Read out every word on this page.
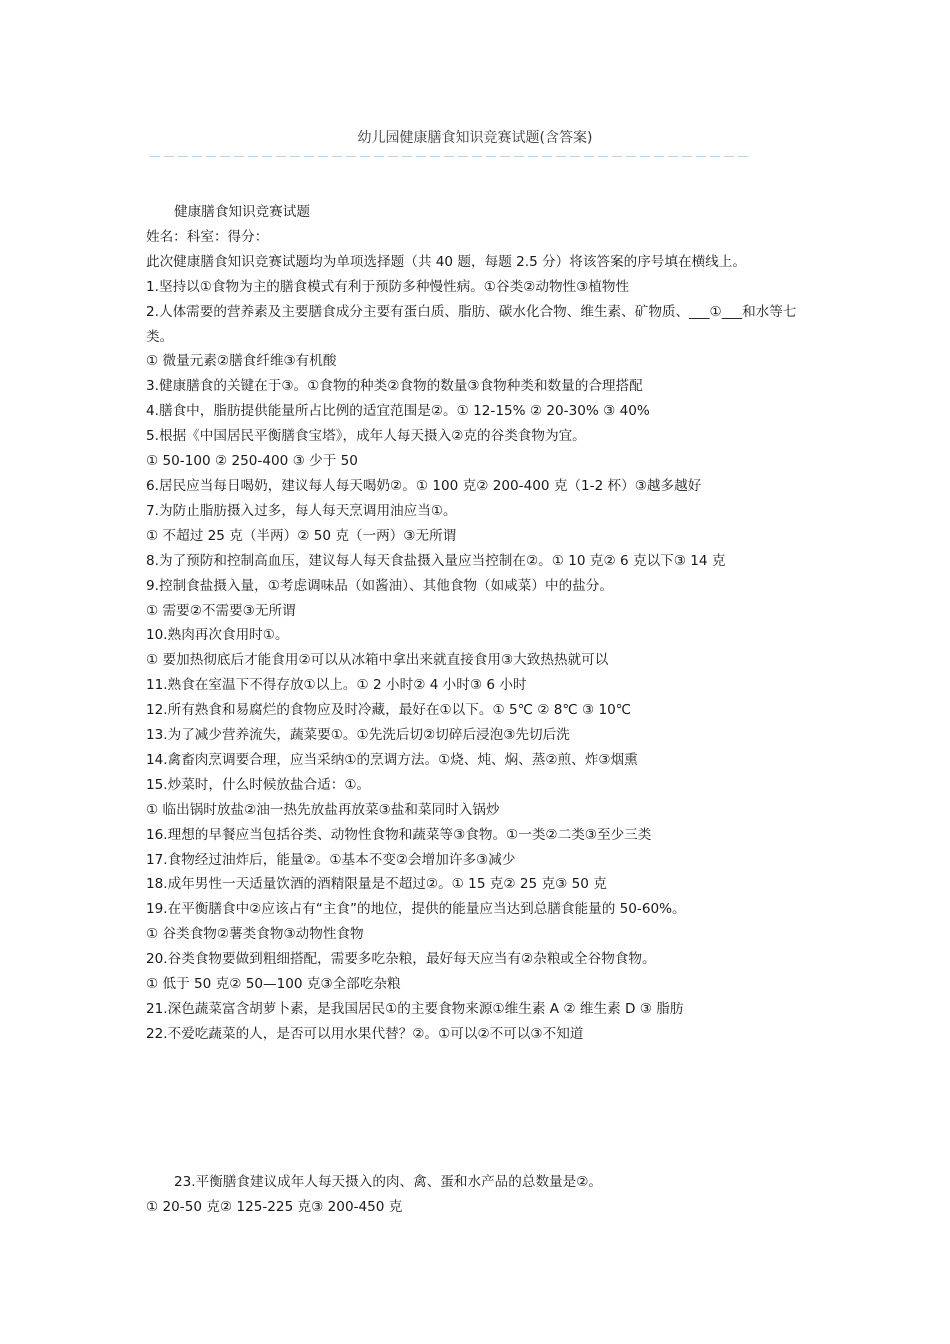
幼儿园健康膳食知识竞赛试题(含答案)
－－－－－－－－－－－－－－－－－－－－－－－－－－－－－－－－－－－－－－－－－－－

健康膳食知识竞赛试题

姓名：科室：得分：

此次健康膳食知识竞赛试题均为单项选择题（共 40 题，每题 2.5 分）将该答案的序号填在横线上。

1.坚持以①食物为主的膳食模式有利于预防多种慢性病。①谷类②动物性③植物性

2.人体需要的营养素及主要膳食成分主要有蛋白质、脂肪、碳水化合物、维生素、矿物质、___①___和水等七类。

① 微量元素②膳食纤维③有机酸

3.健康膳食的关键在于③。①食物的种类②食物的数量③食物种类和数量的合理搭配

4.膳食中，脂肪提供能量所占比例的适宜范围是②。① 12-15% ② 20-30% ③ 40%

5.根据《中国居民平衡膳食宝塔》，成年人每天摄入②克的谷类食物为宜。

① 50-100 ② 250-400 ③ 少于 50

6.居民应当每日喝奶，建议每人每天喝奶②。① 100 克② 200-400 克（1-2 杯）③越多越好

7.为防止脂肪摄入过多，每人每天烹调用油应当①。

① 不超过 25 克（半两）② 50 克（一两）③无所谓

8.为了预防和控制高血压，建议每人每天食盐摄入量应当控制在②。① 10 克② 6 克以下③ 14 克

9.控制食盐摄入量，①考虑调味品（如酱油）、其他食物（如咸菜）中的盐分。

① 需要②不需要③无所谓

10.熟肉再次食用时①。

① 要加热彻底后才能食用②可以从冰箱中拿出来就直接食用③大致热热就可以

11.熟食在室温下不得存放①以上。① 2 小时② 4 小时③ 6 小时

12.所有熟食和易腐烂的食物应及时冷藏，最好在①以下。① 5℃ ② 8℃ ③ 10℃

13.为了减少营养流失，蔬菜要①。①先洗后切②切碎后浸泡③先切后洗

14.禽畜肉烹调要合理，应当采纳①的烹调方法。①烧、炖、焖、蒸②煎、炸③烟熏

15.炒菜时，什么时候放盐合适：①。

① 临出锅时放盐②油一热先放盐再放菜③盐和菜同时入锅炒

16.理想的早餐应当包括谷类、动物性食物和蔬菜等③食物。①一类②二类③至少三类

17.食物经过油炸后，能量②。①基本不变②会增加许多③减少

18.成年男性一天适量饮酒的酒精限量是不超过②。① 15 克② 25 克③ 50 克

19.在平衡膳食中②应该占有“主食”的地位，提供的能量应当达到总膳食能量的 50-60%。

① 谷类食物②薯类食物③动物性食物

20.谷类食物要做到粗细搭配，需要多吃杂粮，最好每天应当有②杂粮或全谷物食物。

① 低于 50 克② 50—100 克③全部吃杂粮

21.深色蔬菜富含胡萝卜素，是我国居民①的主要食物来源①维生素 A ② 维生素 D ③ 脂肪

22.不爱吃蔬菜的人，是否可以用水果代替？②。①可以②不可以③不知道

23.平衡膳食建议成年人每天摄入的肉、禽、蛋和水产品的总数量是②。

① 20-50 克② 125-225 克③ 200-450 克
